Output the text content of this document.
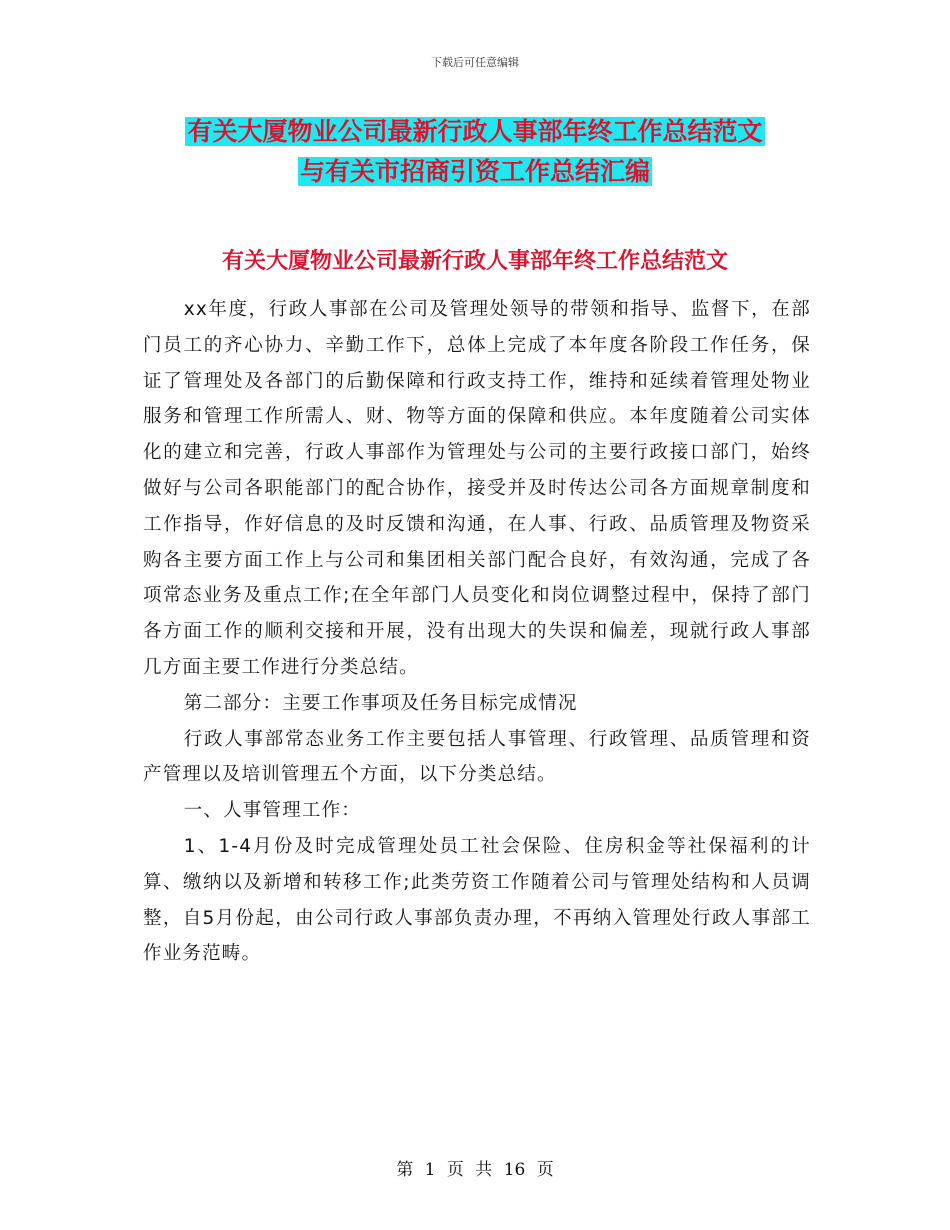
下载后可任意编辑
有关大厦物业公司最新行政人事部年终工作总结范文
与有关市招商引资工作总结汇编
有关大厦物业公司最新行政人事部年终工作总结范文

xx年度，行政人事部在公司及管理处领导的带领和指导、监督下，在部门员工的齐心协力、辛勤工作下，总体上完成了本年度各阶段工作任务，保证了管理处及各部门的后勤保障和行政支持工作，维持和延续着管理处物业服务和管理工作所需人、财、物等方面的保障和供应。本年度随着公司实体化的建立和完善，行政人事部作为管理处与公司的主要行政接口部门，始终做好与公司各职能部门的配合协作，接受并及时传达公司各方面规章制度和工作指导，作好信息的及时反馈和沟通，在人事、行政、品质管理及物资采购各主要方面工作上与公司和集团相关部门配合良好，有效沟通，完成了各项常态业务及重点工作;在全年部门人员变化和岗位调整过程中，保持了部门各方面工作的顺利交接和开展，没有出现大的失误和偏差，现就行政人事部几方面主要工作进行分类总结。

第二部分：主要工作事项及任务目标完成情况

行政人事部常态业务工作主要包括人事管理、行政管理、品质管理和资产管理以及培训管理五个方面，以下分类总结。

一、人事管理工作：

1、1-4月份及时完成管理处员工社会保险、住房积金等社保福利的计算、缴纳以及新增和转移工作;此类劳资工作随着公司与管理处结构和人员调整，自5月份起，由公司行政人事部负责办理，不再纳入管理处行政人事部工作业务范畴。

第 1 页 共 16 页
